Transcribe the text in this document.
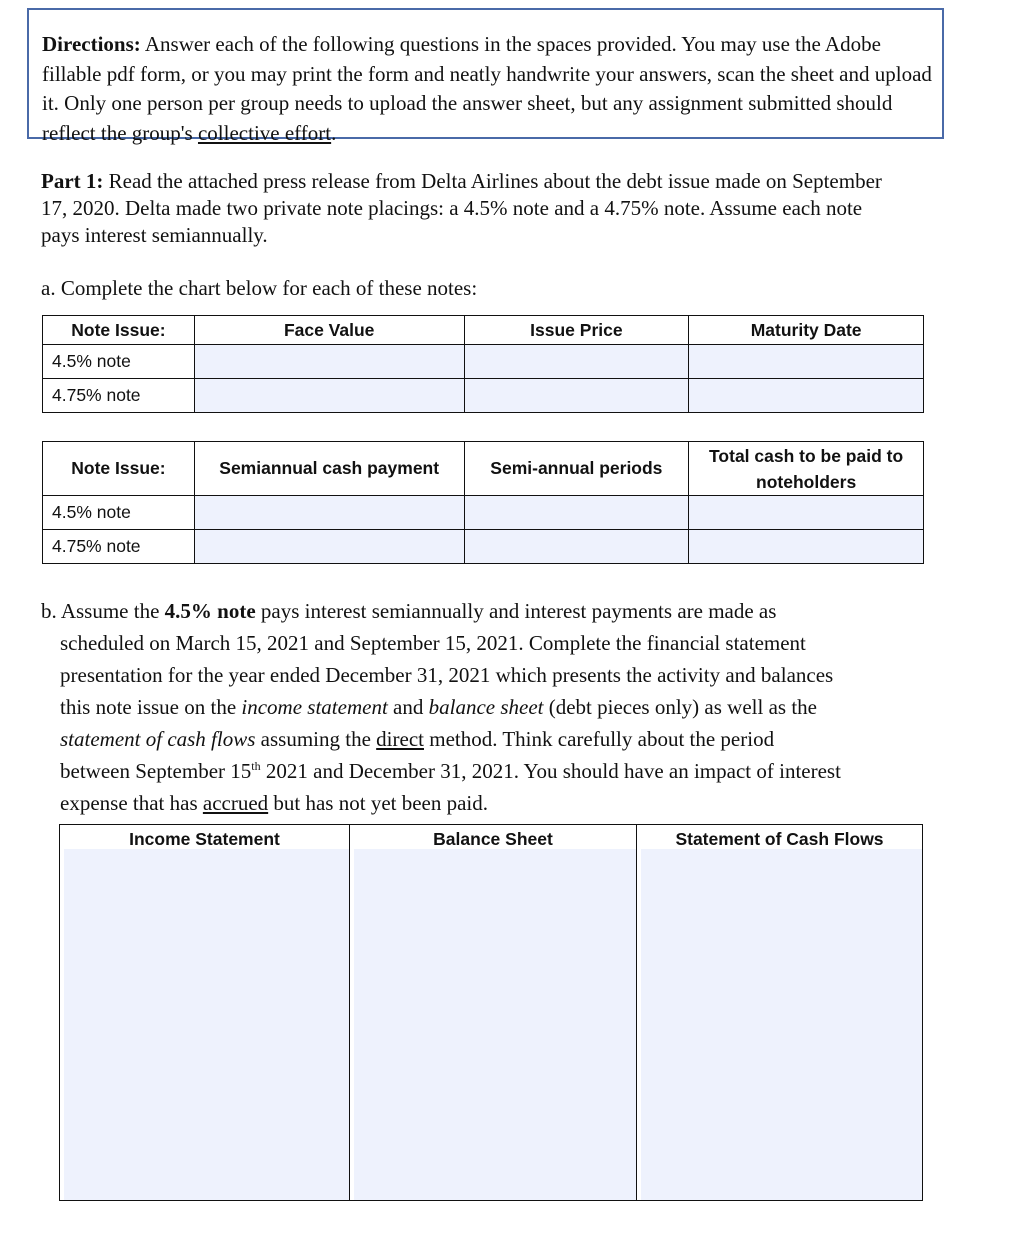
Directions: Answer each of the following questions in the spaces provided. You may use the Adobe fillable pdf form, or you may print the form and neatly handwrite your answers, scan the sheet and upload it. Only one person per group needs to upload the answer sheet, but any assignment submitted should reflect the group's collective effort.

Part 1: Read the attached press release from Delta Airlines about the debt issue made on September 17, 2020. Delta made two private note placings: a 4.5% note and a 4.75% note. Assume each note pays interest semiannually.

a. Complete the chart below for each of these notes:

Note Issue:	Face Value	Issue Price	Maturity Date
4.5% note			
4.75% note			
Note Issue:	Semiannual cash payment	Semi-annual periods	Total cash to be paid to noteholders
4.5% note			
4.75% note			

b. Assume the 4.5% note pays interest semiannually and interest payments are made as
scheduled on March 15, 2021 and September 15, 2021. Complete the financial statement
presentation for the year ended December 31, 2021 which presents the activity and balances
this note issue on the income statement and balance sheet (debt pieces only) as well as the
statement of cash flows assuming the direct method. Think carefully about the period
between September 15th 2021 and December 31, 2021. You should have an impact of interest
expense that has accrued but has not yet been paid.

Income Statement	Balance Sheet	Statement of Cash Flows
